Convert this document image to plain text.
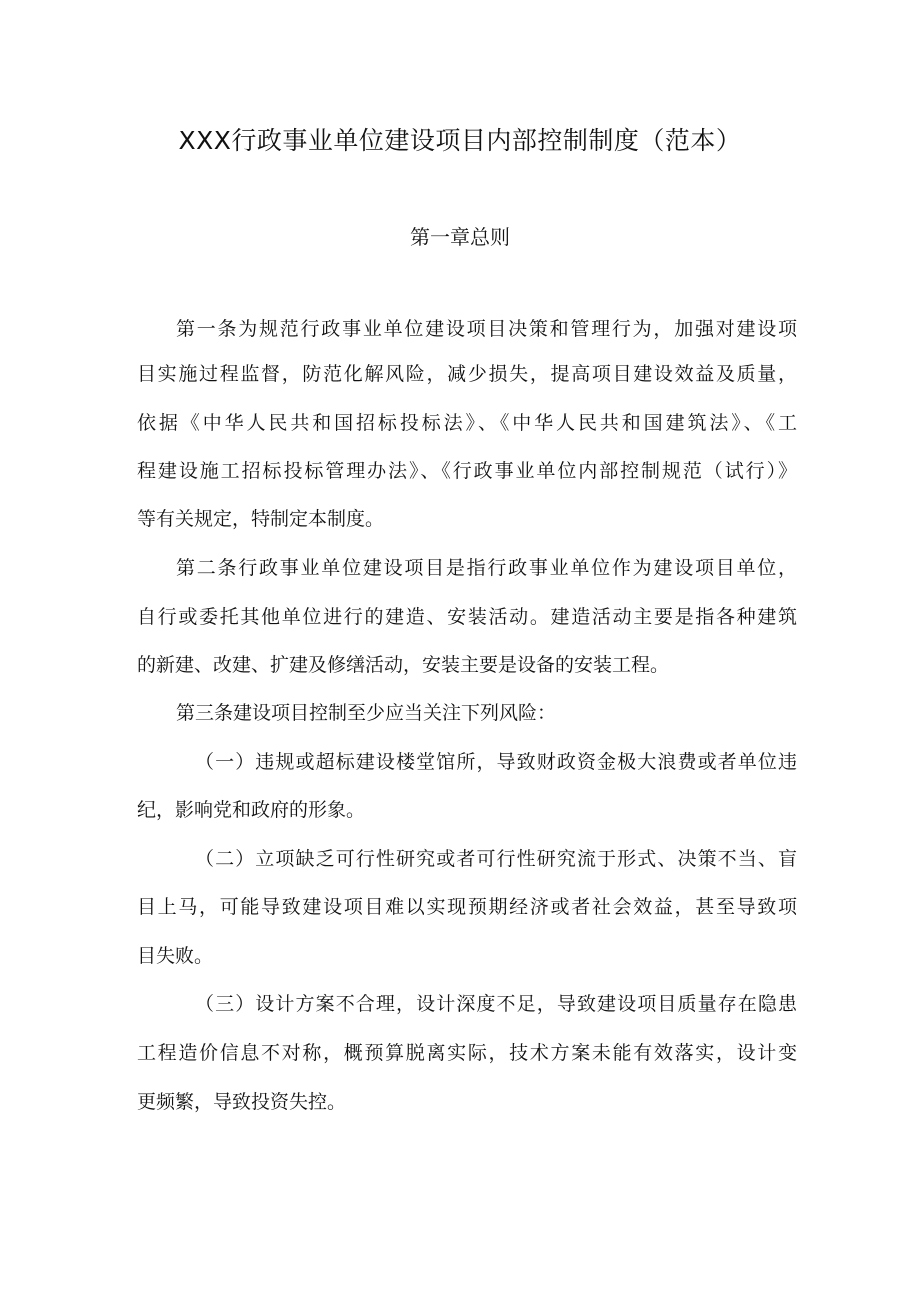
XXX行政事业单位建设项目内部控制制度（范本）
第一章总则
第一条为规范行政事业单位建设项目决策和管理行为，加强对建设项
目实施过程监督，防范化解风险，减少损失，提高项目建设效益及质量，
依据《中华人民共和国招标投标法》、《中华人民共和国建筑法》、《工
程建设施工招标投标管理办法》、《行政事业单位内部控制规范（试行）》
等有关规定，特制定本制度。
第二条行政事业单位建设项目是指行政事业单位作为建设项目单位，
自行或委托其他单位进行的建造、安装活动。建造活动主要是指各种建筑
的新建、改建、扩建及修缮活动，安装主要是设备的安装工程。
第三条建设项目控制至少应当关注下列风险：
（一）违规或超标建设楼堂馆所，导致财政资金极大浪费或者单位违
纪，影响党和政府的形象。
（二）立项缺乏可行性研究或者可行性研究流于形式、决策不当、盲
目上马，可能导致建设项目难以实现预期经济或者社会效益，甚至导致项
目失败。
（三）设计方案不合理，设计深度不足，导致建设项目质量存在隐患
工程造价信息不对称，概预算脱离实际，技术方案未能有效落实，设计变
更频繁，导致投资失控。
